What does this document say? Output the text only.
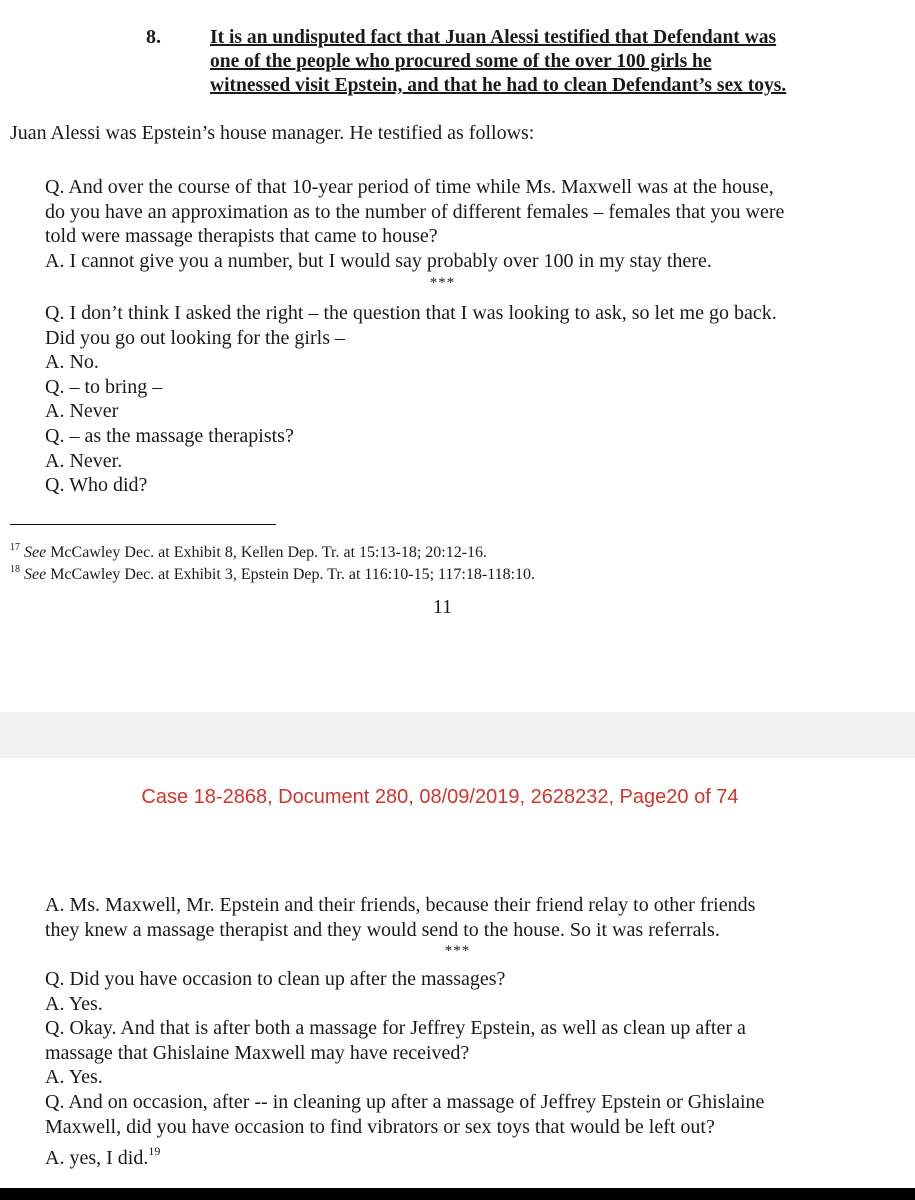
8.	It is an undisputed fact that Juan Alessi testified that Defendant was
one of the people who procured some of the over 100 girls he
witnessed visit Epstein, and that he had to clean Defendant’s sex toys.
Juan Alessi was Epstein’s house manager. He testified as follows:
Q. And over the course of that 10-year period of time while Ms. Maxwell was at the house,
do you have an approximation as to the number of different females – females that you were
told were massage therapists that came to house?
A. I cannot give you a number, but I would say probably over 100 in my stay there.
***
Q. I don’t think I asked the right – the question that I was looking to ask, so let me go back.
Did you go out looking for the girls –
A. No.
Q. – to bring –
A. Never
Q. – as the massage therapists?
A. Never.
Q. Who did?
$^{17}$ See McCawley Dec. at Exhibit 8, Kellen Dep. Tr. at 15:13-18; 20:12-16.
$^{18}$ See McCawley Dec. at Exhibit 3, Epstein Dep. Tr. at 116:10-15; 117:18-118:10.
11
Case 18-2868, Document 280, 08/09/2019, 2628232, Page20 of 74
A. Ms. Maxwell, Mr. Epstein and their friends, because their friend relay to other friends
they knew a massage therapist and they would send to the house. So it was referrals.
***
Q. Did you have occasion to clean up after the massages?
A. Yes.
Q. Okay. And that is after both a massage for Jeffrey Epstein, as well as clean up after a
massage that Ghislaine Maxwell may have received?
A. Yes.
Q. And on occasion, after -- in cleaning up after a massage of Jeffrey Epstein or Ghislaine
Maxwell, did you have occasion to find vibrators or sex toys that would be left out?
A. yes, I did.$^{19}$
